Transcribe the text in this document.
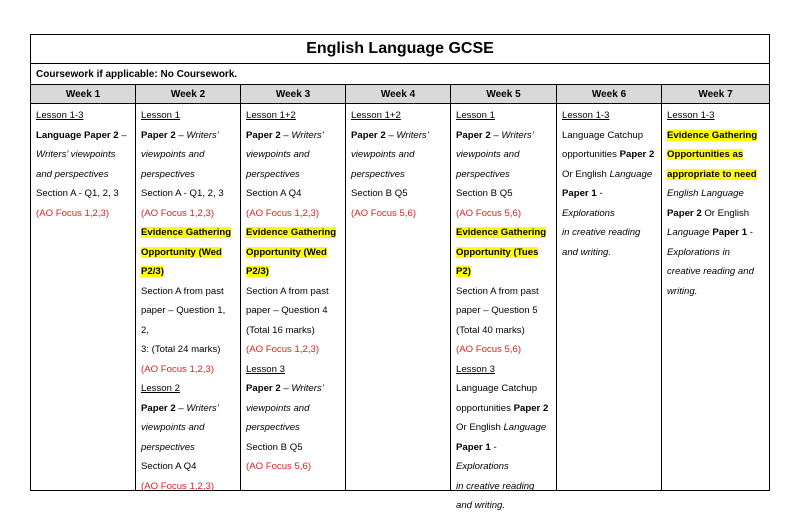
English Language GCSE
Coursework if applicable: No Coursework.
Week 1

Lesson 1-3

Language Paper 2 –

Writers’ viewpoints

and perspectives

Section A - Q1, 2, 3

(AO Focus 1,2,3)

Week 2

Lesson 1

Paper 2 – Writers’

viewpoints and

perspectives

Section A - Q1, 2, 3

(AO Focus 1,2,3)

Evidence Gathering

Opportunity (Wed

P2/3)

Section A from past

paper – Question 1, 2,

3: (Total 24 marks)

(AO Focus 1,2,3)

Lesson 2

Paper 2 – Writers’

viewpoints and

perspectives

Section A Q4

(AO Focus 1,2,3)

Week 3

Lesson 1+2

Paper 2 – Writers’

viewpoints and

perspectives

Section A Q4

(AO Focus 1,2,3)

Evidence Gathering

Opportunity (Wed

P2/3)

Section A from past

paper – Question 4

(Total 16 marks)

(AO Focus 1,2,3)

Lesson 3

Paper 2 – Writers’

viewpoints and

perspectives

Section B Q5

(AO Focus 5,6)

Week 4

Lesson 1+2

Paper 2 – Writers’

viewpoints and

perspectives

Section B Q5

(AO Focus 5,6)

Week 5

Lesson 1

Paper 2 – Writers’

viewpoints and

perspectives

Section B Q5

(AO Focus 5,6)

Evidence Gathering

Opportunity (Tues

P2)

Section A from past

paper – Question 5

(Total 40 marks)

(AO Focus 5,6)

Lesson 3

Language Catchup

opportunities Paper 2

Or English Language

Paper 1 - Explorations

in creative reading

and writing.

Week 6

Lesson 1-3

Language Catchup

opportunities Paper 2

Or English Language

Paper 1 - Explorations

in creative reading

and writing.

Week 7

Lesson 1-3

Evidence Gathering

Opportunities as

appropriate to need

English Language

Paper 2 Or English

Language Paper 1 -

Explorations in

creative reading and

writing.
